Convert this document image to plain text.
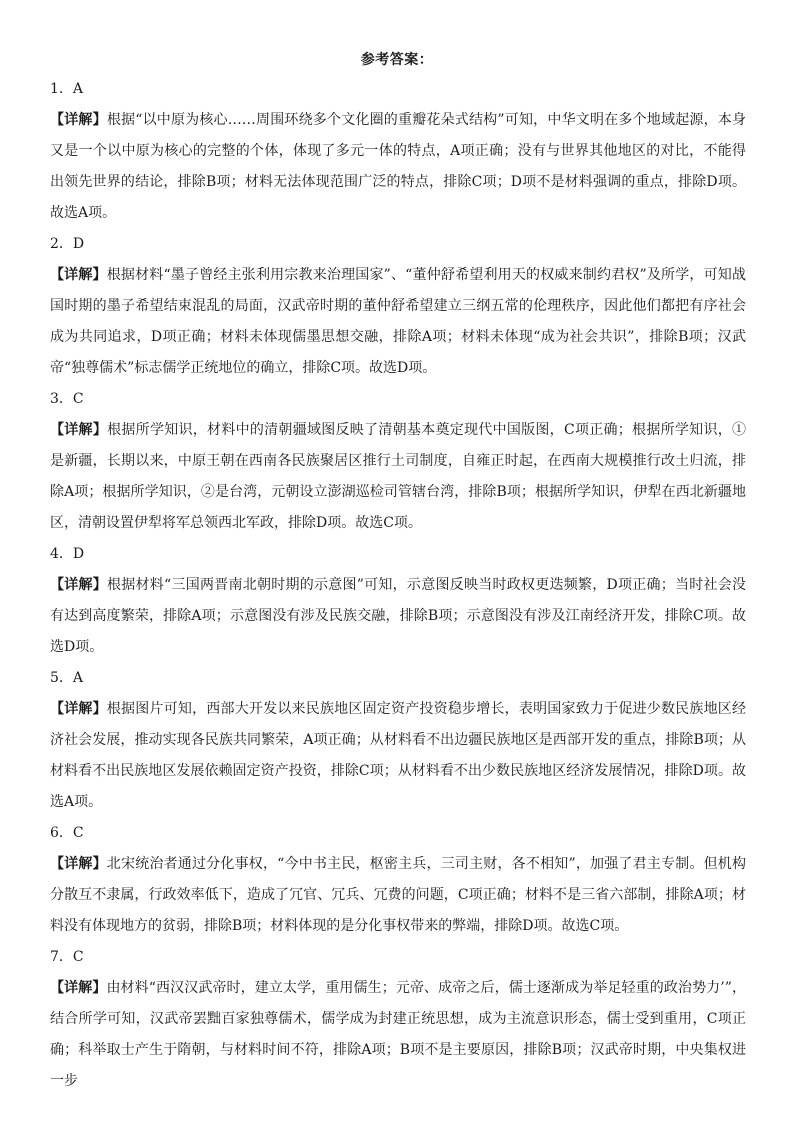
参考答案：
1．A

【详解】根据“以中原为核心……周围环绕多个文化圈的重瓣花朵式结构”可知，中华文明在多个地域起源，本身又是一个以中原为核心的完整的个体，体现了多元一体的特点，A项正确；没有与世界其他地区的对比，不能得出领先世界的结论，排除B项；材料无法体现范围广泛的特点，排除C项；D项不是材料强调的重点，排除D项。故选A项。

2．D

【详解】根据材料“墨子曾经主张利用宗教来治理国家”、“董仲舒希望利用天的权威来制约君权”及所学，可知战国时期的墨子希望结束混乱的局面，汉武帝时期的董仲舒希望建立三纲五常的伦理秩序，因此他们都把有序社会成为共同追求，D项正确；材料未体现儒墨思想交融，排除A项；材料未体现“成为社会共识”，排除B项；汉武帝“独尊儒术”标志儒学正统地位的确立，排除C项。故选D项。

3．C

【详解】根据所学知识，材料中的清朝疆域图反映了清朝基本奠定现代中国版图，C项正确；根据所学知识，①是新疆，长期以来，中原王朝在西南各民族聚居区推行土司制度，自雍正时起，在西南大规模推行改土归流，排除A项；根据所学知识，②是台湾，元朝设立澎湖巡检司管辖台湾，排除B项；根据所学知识，伊犁在西北新疆地区，清朝设置伊犁将军总领西北军政，排除D项。故选C项。

4．D

【详解】根据材料“三国两晋南北朝时期的示意图”可知，示意图反映当时政权更迭频繁，D项正确；当时社会没有达到高度繁荣，排除A项；示意图没有涉及民族交融，排除B项；示意图没有涉及江南经济开发，排除C项。故选D项。

5．A

【详解】根据图片可知，西部大开发以来民族地区固定资产投资稳步增长，表明国家致力于促进少数民族地区经济社会发展，推动实现各民族共同繁荣，A项正确；从材料看不出边疆民族地区是西部开发的重点，排除B项；从材料看不出民族地区发展依赖固定资产投资，排除C项；从材料看不出少数民族地区经济发展情况，排除D项。故选A项。

6．C

【详解】北宋统治者通过分化事权，“今中书主民，枢密主兵，三司主财，各不相知”，加强了君主专制。但机构分散互不隶属，行政效率低下，造成了冗官、冗兵、冗费的问题，C项正确；材料不是三省六部制，排除A项；材料没有体现地方的贫弱，排除B项；材料体现的是分化事权带来的弊端，排除D项。故选C项。

7．C

【详解】由材料“西汉汉武帝时，建立太学，重用儒生；元帝、成帝之后，儒士逐渐成为举足轻重的政治势力’”，结合所学可知，汉武帝罢黜百家独尊儒术，儒学成为封建正统思想，成为主流意识形态，儒士受到重用，C项正确；科举取士产生于隋朝，与材料时间不符，排除A项；B项不是主要原因，排除B项；汉武帝时期，中央集权进一步
